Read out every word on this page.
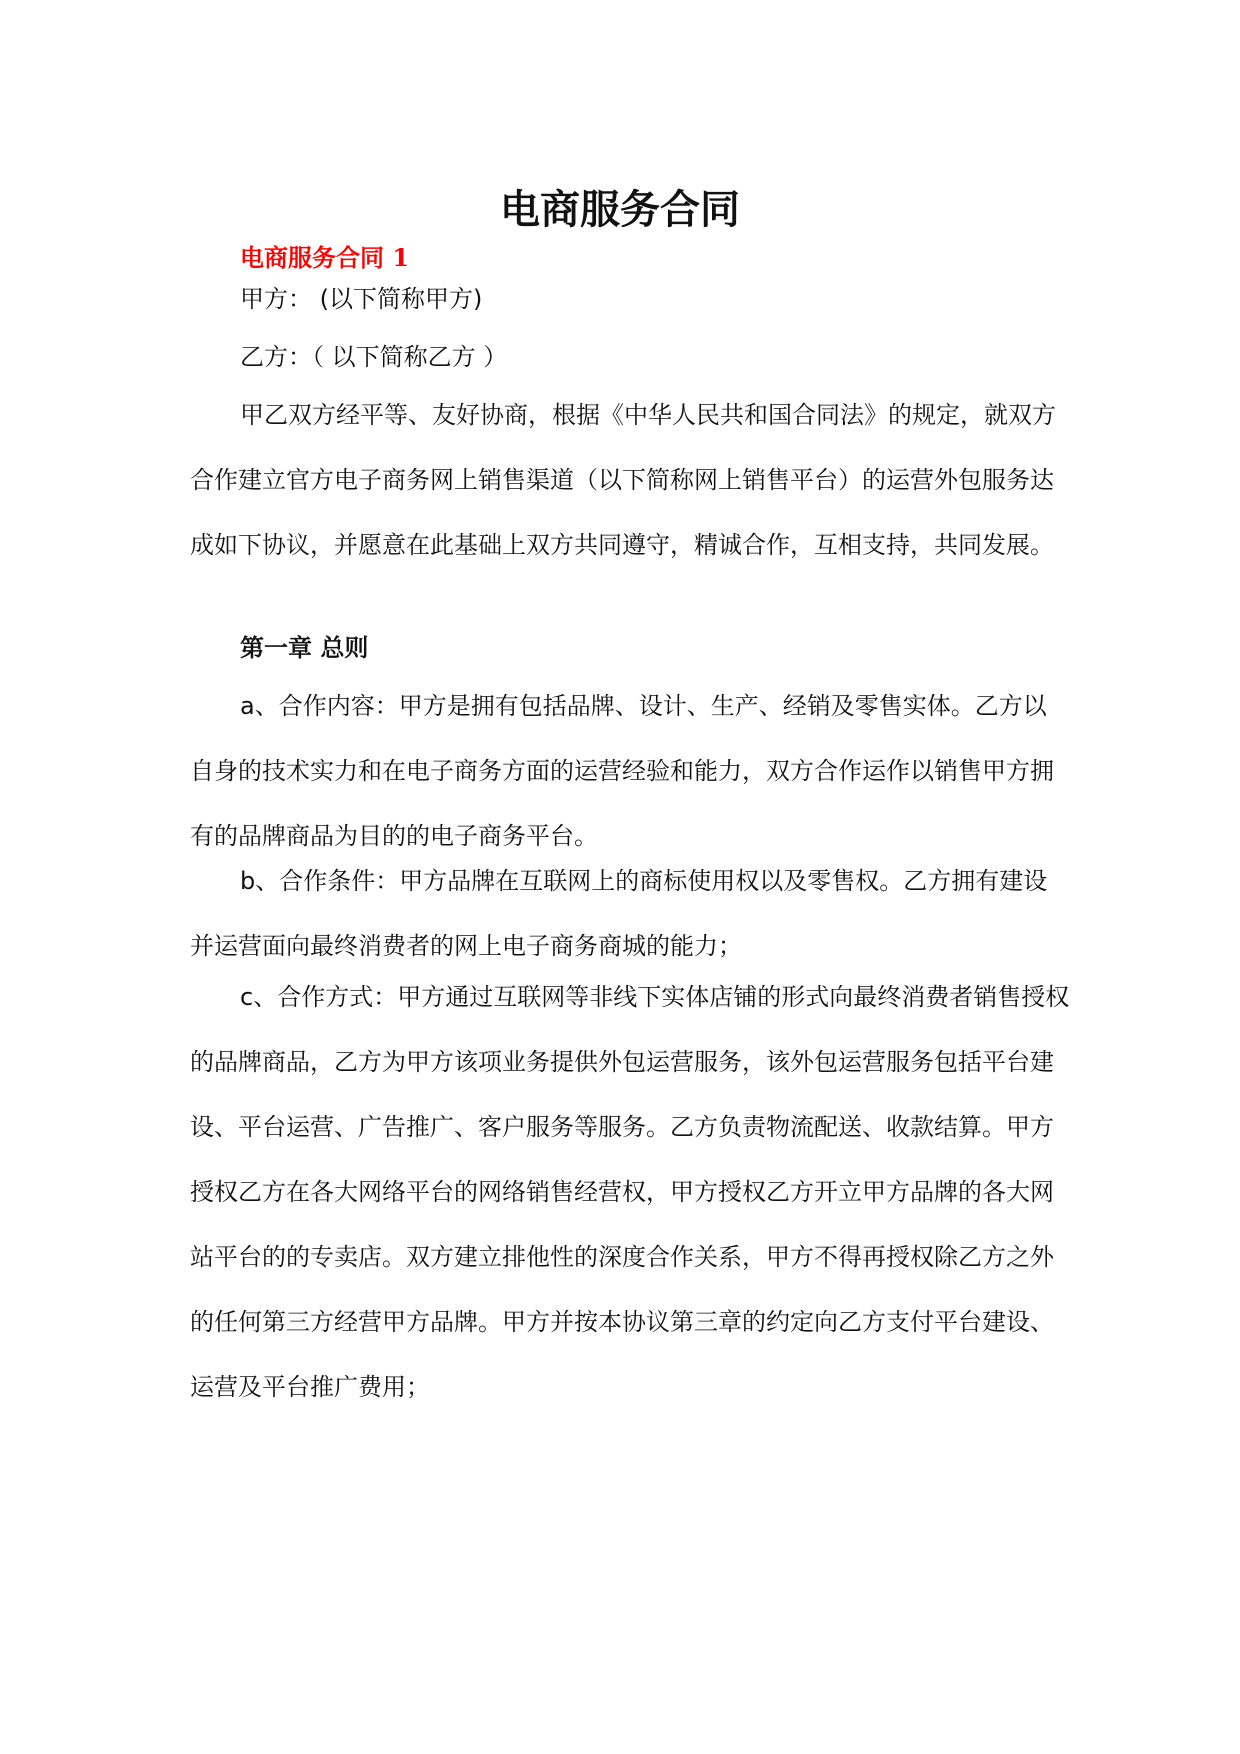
电商服务合同

电商服务合同 1

甲方： (以下简称甲方)

乙方：（ 以下简称乙方 ）

甲乙双方经平等、友好协商，根据《中华人民共和国合同法》的规定，就双方合作建立官方电子商务网上销售渠道（以下简称网上销售平台）的运营外包服务达成如下协议，并愿意在此基础上双方共同遵守，精诚合作，互相支持，共同发展。

第一章 总则

a、合作内容：甲方是拥有包括品牌、设计、生产、经销及零售实体。乙方以自身的技术实力和在电子商务方面的运营经验和能力，双方合作运作以销售甲方拥有的品牌商品为目的的电子商务平台。

b、合作条件：甲方品牌在互联网上的商标使用权以及零售权。乙方拥有建设并运营面向最终消费者的网上电子商务商城的能力；

c、合作方式：甲方通过互联网等非线下实体店铺的形式向最终消费者销售授权的品牌商品，乙方为甲方该项业务提供外包运营服务，该外包运营服务包括平台建设、平台运营、广告推广、客户服务等服务。乙方负责物流配送、收款结算。甲方授权乙方在各大网络平台的网络销售经营权，甲方授权乙方开立甲方品牌的各大网站平台的的专卖店。双方建立排他性的深度合作关系，甲方不得再授权除乙方之外的任何第三方经营甲方品牌。甲方并按本协议第三章的约定向乙方支付平台建设、运营及平台推广费用；
